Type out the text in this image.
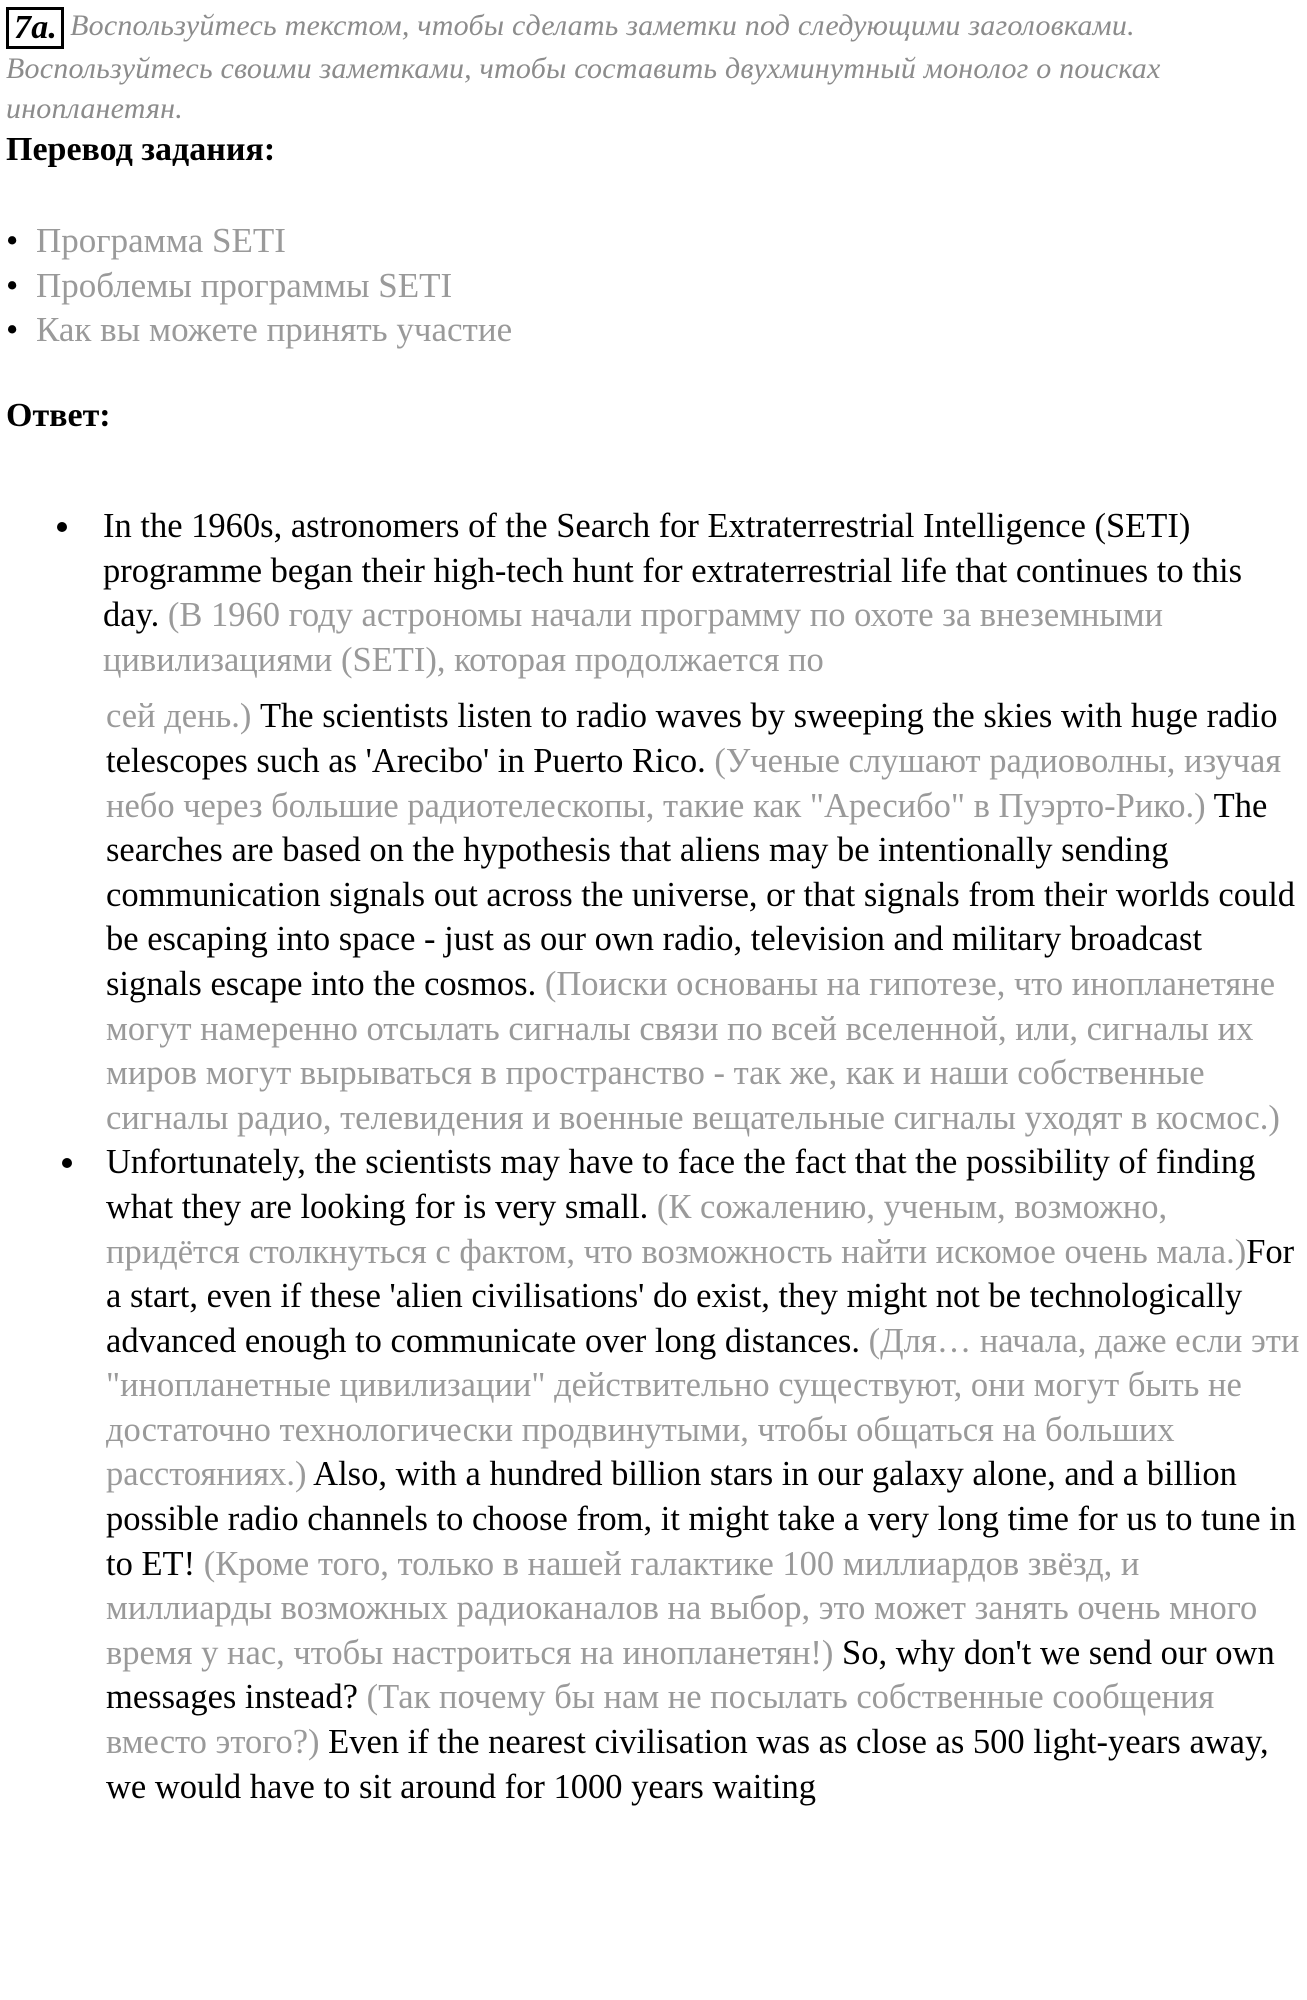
7a. Воспользуйтесь текстом, чтобы сделать заметки под следующими заголовками. Воспользуйтесь своими заметками, чтобы составить двухминутный монолог о поисках инопланетян.
Перевод задания:
• Программа SETI
• Проблемы программы SETI
• Как вы можете принять участие
Ответ:

In the 1960s, astronomers of the Search for Extraterrestrial Intelligence (SETI) programme began their high-tech hunt for extraterrestrial life that continues to this day. (В 1960 году астрономы начали программу по охоте за внеземными цивилизациями (SETI), которая продолжается по

сей день.) The scientists listen to radio waves by sweeping the skies with huge radio telescopes such as 'Arecibo' in Puerto Rico. (Ученые слушают радиоволны, изучая небо через большие радиотелескопы, такие как "Аресибо" в Пуэрто-Рико.) The searches are based on the hypothesis that aliens may be intentionally sending communication signals out across the universe, or that signals from their worlds could be escaping into space - just as our own radio, television and military broadcast signals escape into the cosmos. (Поиски основаны на гипотезе, что инопланетяне могут намеренно отсылать сигналы связи по всей вселенной, или, сигналы их миров могут вырываться в пространство - так же, как и наши собственные сигналы радио, телевидения и военные вещательные сигналы уходят в космос.)

Unfortunately, the scientists may have to face the fact that the possibility of finding what they are looking for is very small. (К сожалению, ученым, возможно, придётся столкнуться с фактом, что возможность найти искомое очень мала.)For a start, even if these 'alien civilisations' do exist, they might not be technologically advanced enough to communicate over long distances. (Для… начала, даже если эти "инопланетные цивилизации" действительно существуют, они могут быть не достаточно технологически продвинутыми, чтобы общаться на больших расстояниях.) Also, with a hundred billion stars in our galaxy alone, and a billion possible radio channels to choose from, it might take a very long time for us to tune in to ET! (Кроме того, только в нашей галактике 100 миллиардов звёзд, и миллиарды возможных радиоканалов на выбор, это может занять очень много время у нас, чтобы настроиться на инопланетян!) So, why don't we send our own messages instead? (Так почему бы нам не посылать собственные сообщения вместо этого?) Even if the nearest civilisation was as close as 500 light-years away, we would have to sit around for 1000 years waiting
